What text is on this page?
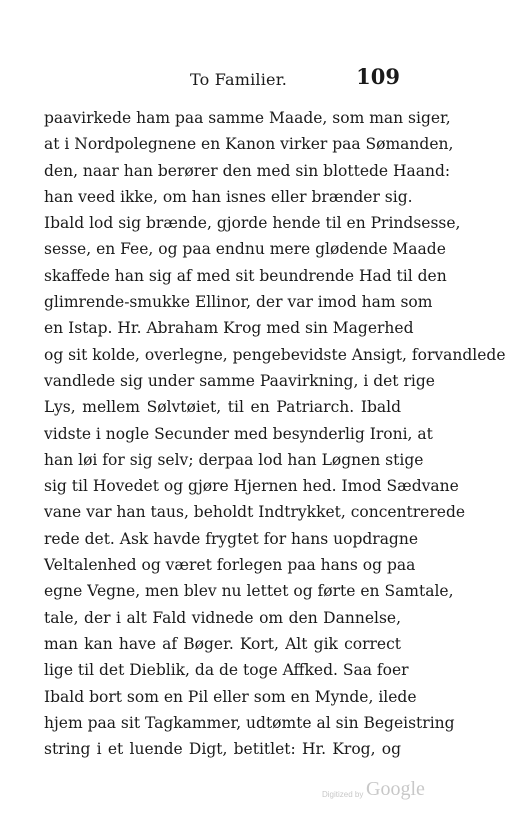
To Familier.	109
paavirkede ham paa samme Maade, som man siger,
at i Nordpolegnene en Kanon virker paa Sømanden,
den, naar han berører den med sin blottede Haand:
han veed ikke, om han isnes eller brænder sig.
Ibald lod sig brænde, gjorde hende til en Prindsesse,
sesse, en Fee, og paa endnu mere glødende Maade
skaffede han sig af med sit beundrende Had til den
glimrende-smukke Ellinor, der var imod ham som
en Istap. Hr. Abraham Krog med sin Magerhed
og sit kolde, overlegne, pengebevidste Ansigt, forvandlede
vandlede sig under samme Paavirkning, i det rige
Lys, mellem Sølvtøiet, til en Patriarch. Ibald
vidste i nogle Secunder med besynderlig Ironi, at
han løi for sig selv; derpaa lod han Løgnen stige
sig til Hovedet og gjøre Hjernen hed. Imod Sædvane
vane var han taus, beholdt Indtrykket, concentrerede
rede det. Ask havde frygtet for hans uopdragne
Veltalenhed og været forlegen paa hans og paa
egne Vegne, men blev nu lettet og førte en Samtale,
tale, der i alt Fald vidnede om den Dannelse,
man kan have af Bøger. Kort, Alt gik correct
lige til det Dieblik, da de toge Affked. Saa foer
Ibald bort som en Pil eller som en Mynde, ilede
hjem paa sit Tagkammer, udtømte al sin Begeistring
string i et luende Digt, betitlet: Hr. Krog, og
Digitized by Google
